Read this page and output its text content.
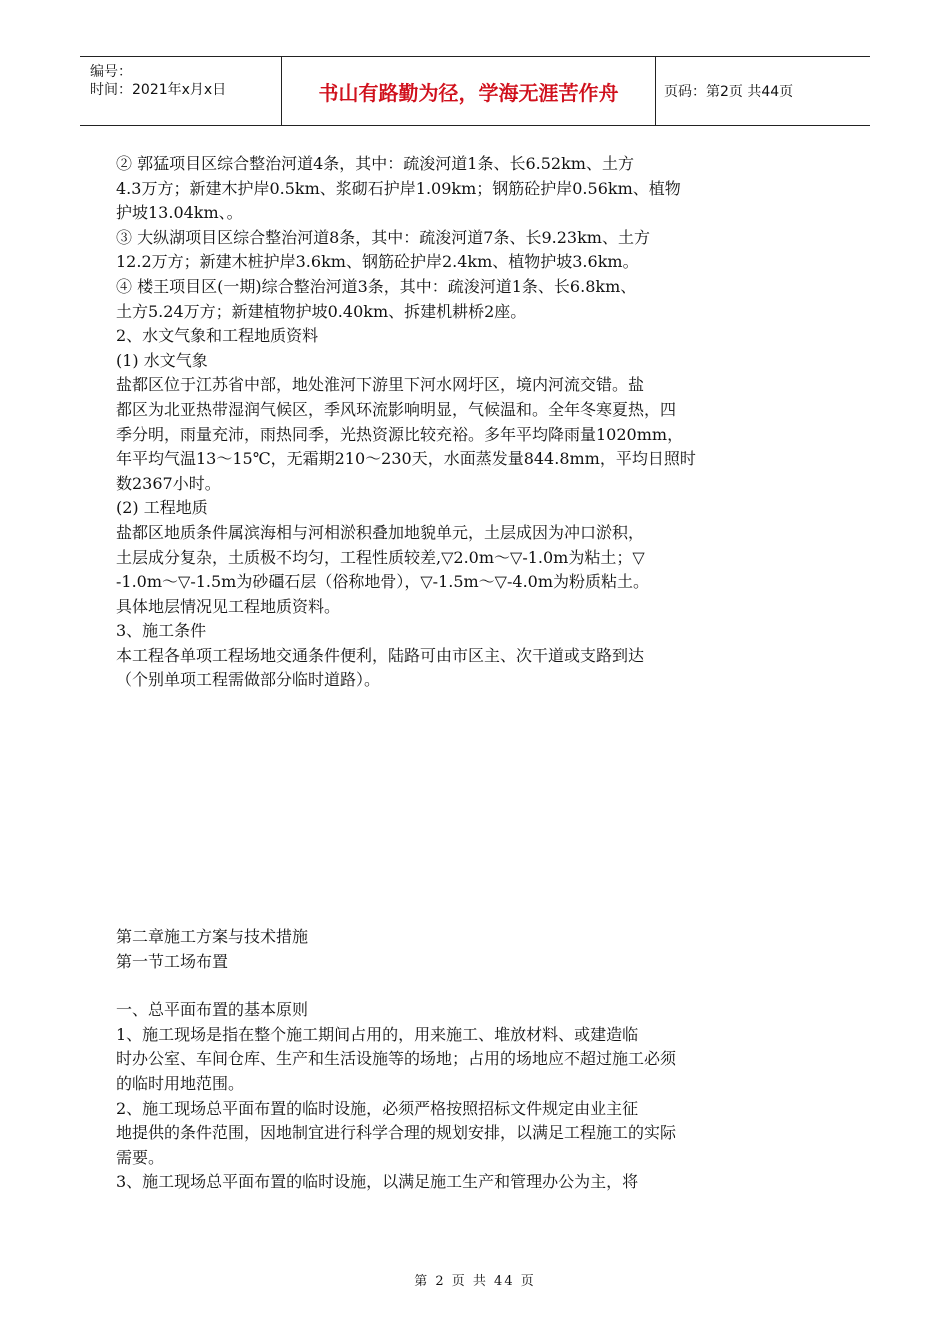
编号：
时间：2021年x月x日	书山有路勤为径，学海无涯苦作舟	页码：第2页 共44页
② 郭猛项目区综合整治河道4条，其中：疏浚河道1条、长6.52km、土方
4.3万方；新建木护岸0.5km、浆砌石护岸1.09km；钢筋砼护岸0.56km、植物
护坡13.04km、。
③ 大纵湖项目区综合整治河道8条，其中：疏浚河道7条、长9.23km、土方
12.2万方；新建木桩护岸3.6km、钢筋砼护岸2.4km、植物护坡3.6km。
④ 楼王项目区(一期)综合整治河道3条，其中：疏浚河道1条、长6.8km、
土方5.24万方；新建植物护坡0.40km、拆建机耕桥2座。
2、水文气象和工程地质资料
(1) 水文气象
盐都区位于江苏省中部，地处淮河下游里下河水网圩区，境内河流交错。盐
都区为北亚热带湿润气候区，季风环流影响明显，气候温和。全年冬寒夏热，四
季分明，雨量充沛，雨热同季，光热资源比较充裕。多年平均降雨量1020mm，
年平均气温13～15℃，无霜期210～230天，水面蒸发量844.8mm，平均日照时
数2367小时。
(2) 工程地质
盐都区地质条件属滨海相与河相淤积叠加地貌单元，土层成因为冲口淤积，
土层成分复杂，土质极不均匀，工程性质较差,▽2.0m～▽-1.0m为粘土；▽
-1.0m～▽-1.5m为砂礓石层（俗称地骨），▽-1.5m～▽-4.0m为粉质粘土。
具体地层情况见工程地质资料。
3、施工条件
本工程各单项工程场地交通条件便利，陆路可由市区主、次干道或支路到达
（个别单项工程需做部分临时道路）。
第二章施工方案与技术措施
第一节工场布置
一、总平面布置的基本原则
1、施工现场是指在整个施工期间占用的，用来施工、堆放材料、或建造临
时办公室、车间仓库、生产和生活设施等的场地；占用的场地应不超过施工必须
的临时用地范围。
2、施工现场总平面布置的临时设施，必须严格按照招标文件规定由业主征
地提供的条件范围，因地制宜进行科学合理的规划安排，以满足工程施工的实际
需要。
3、施工现场总平面布置的临时设施，以满足施工生产和管理办公为主，将
第 2 页 共 44 页
